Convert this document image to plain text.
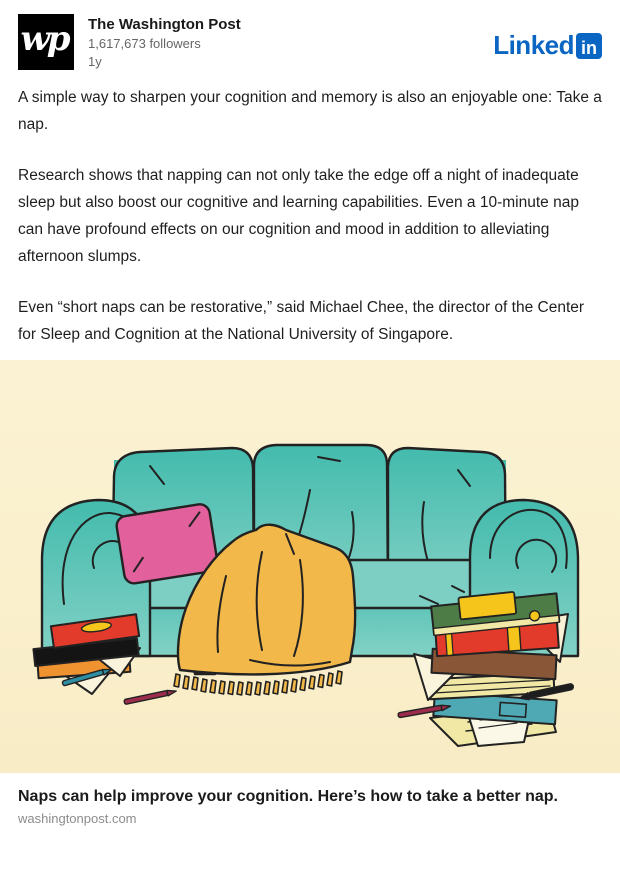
wp The Washington Post
1,617,673 followers
1y
Linked in

A simple way to sharpen your cognition and memory is also an enjoyable one: Take a nap.

Research shows that napping can not only take the edge off a night of inadequate sleep but also boost our cognitive and learning capabilities. Even a 10-minute nap can have profound effects on our cognition and mood in addition to alleviating afternoon slumps.

Even “short naps can be restorative,” said Michael Chee, the director of the Center for Sleep and Cognition at the National University of Singapore.

Naps can help improve your cognition. Here’s how to take a better nap.
washingtonpost.com
